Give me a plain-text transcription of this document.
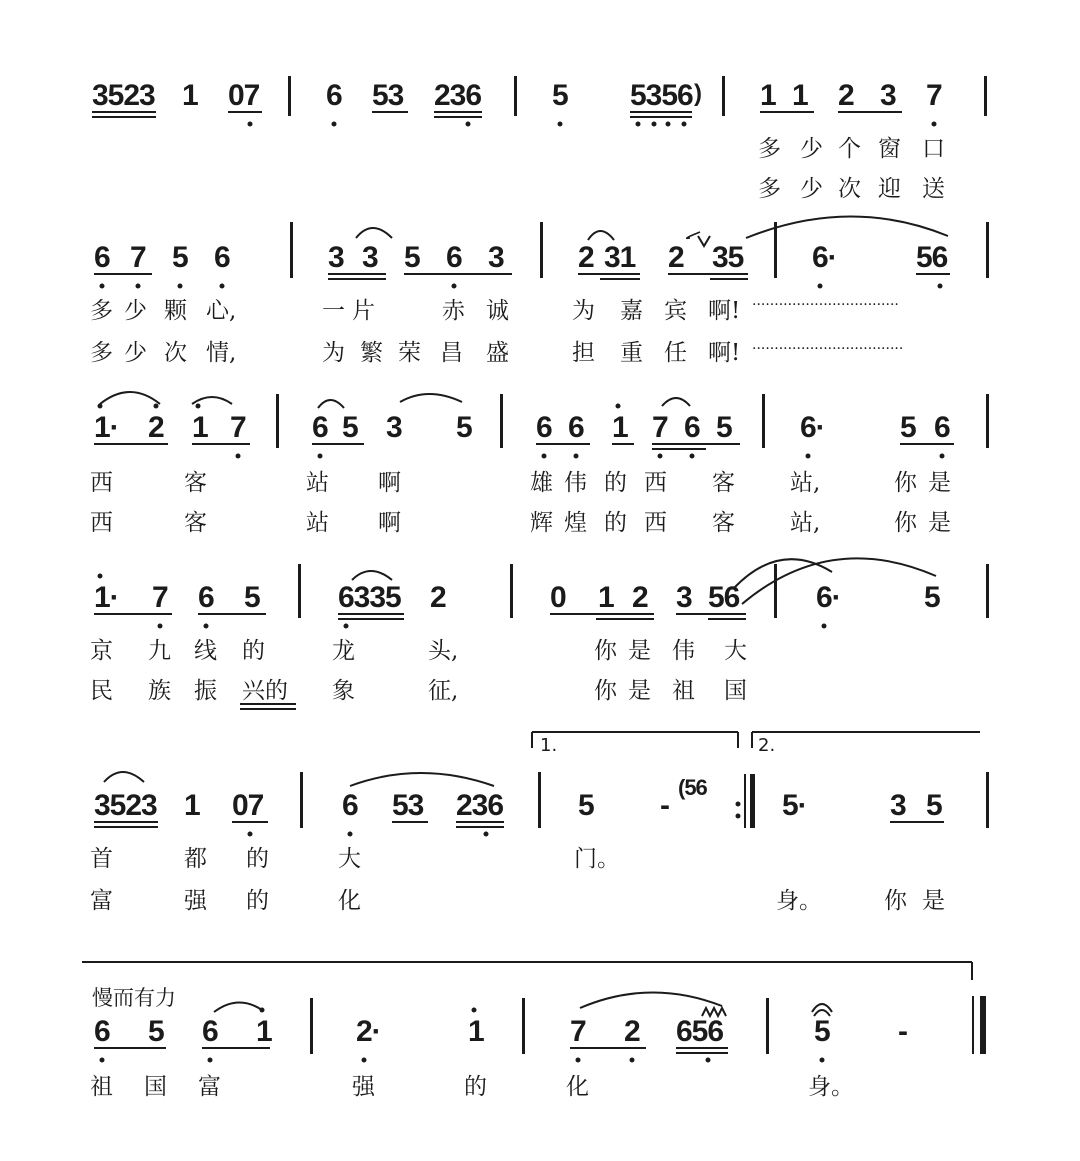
3523 1 07 6 53 236 5 5356 ) 1 1 2 3 7
多 少 个 窗 口
多 少 次 迎 送
6 7 5 6	3 3 5 6 3 2 31 2 35 6·	56
多 少 颗 心,	一 片	赤 诚	为 嘉 宾 啊! ·································
多 少 次 情,	为 繁 荣 昌 盛	担 重 任 啊! ··································
1· 2 1 7 6 5 3 5 6 6 1 7 6 5 6·	5 6
西	客	站 啊	雄 伟 的 西 客 站,	你 是
西	客	站 啊	辉 煌 的 西 客 站,	你 是
1· 7 6 5	6335 2	0 1 2 3 56	6·	5
京 九 线 的	龙	头,	你 是 伟 大
民 族 振 兴的 象	征,	你 是 祖 国
1.	2.
3523 1 07	6 53 236 5 -
(56
5·	3 5
首	都 的	大	门。
富	强 的	化	身。	你 是
慢而有力
6 5 6 1	2·	1	7 2 656	5 -
祖 国 富	强	的	化	身。
